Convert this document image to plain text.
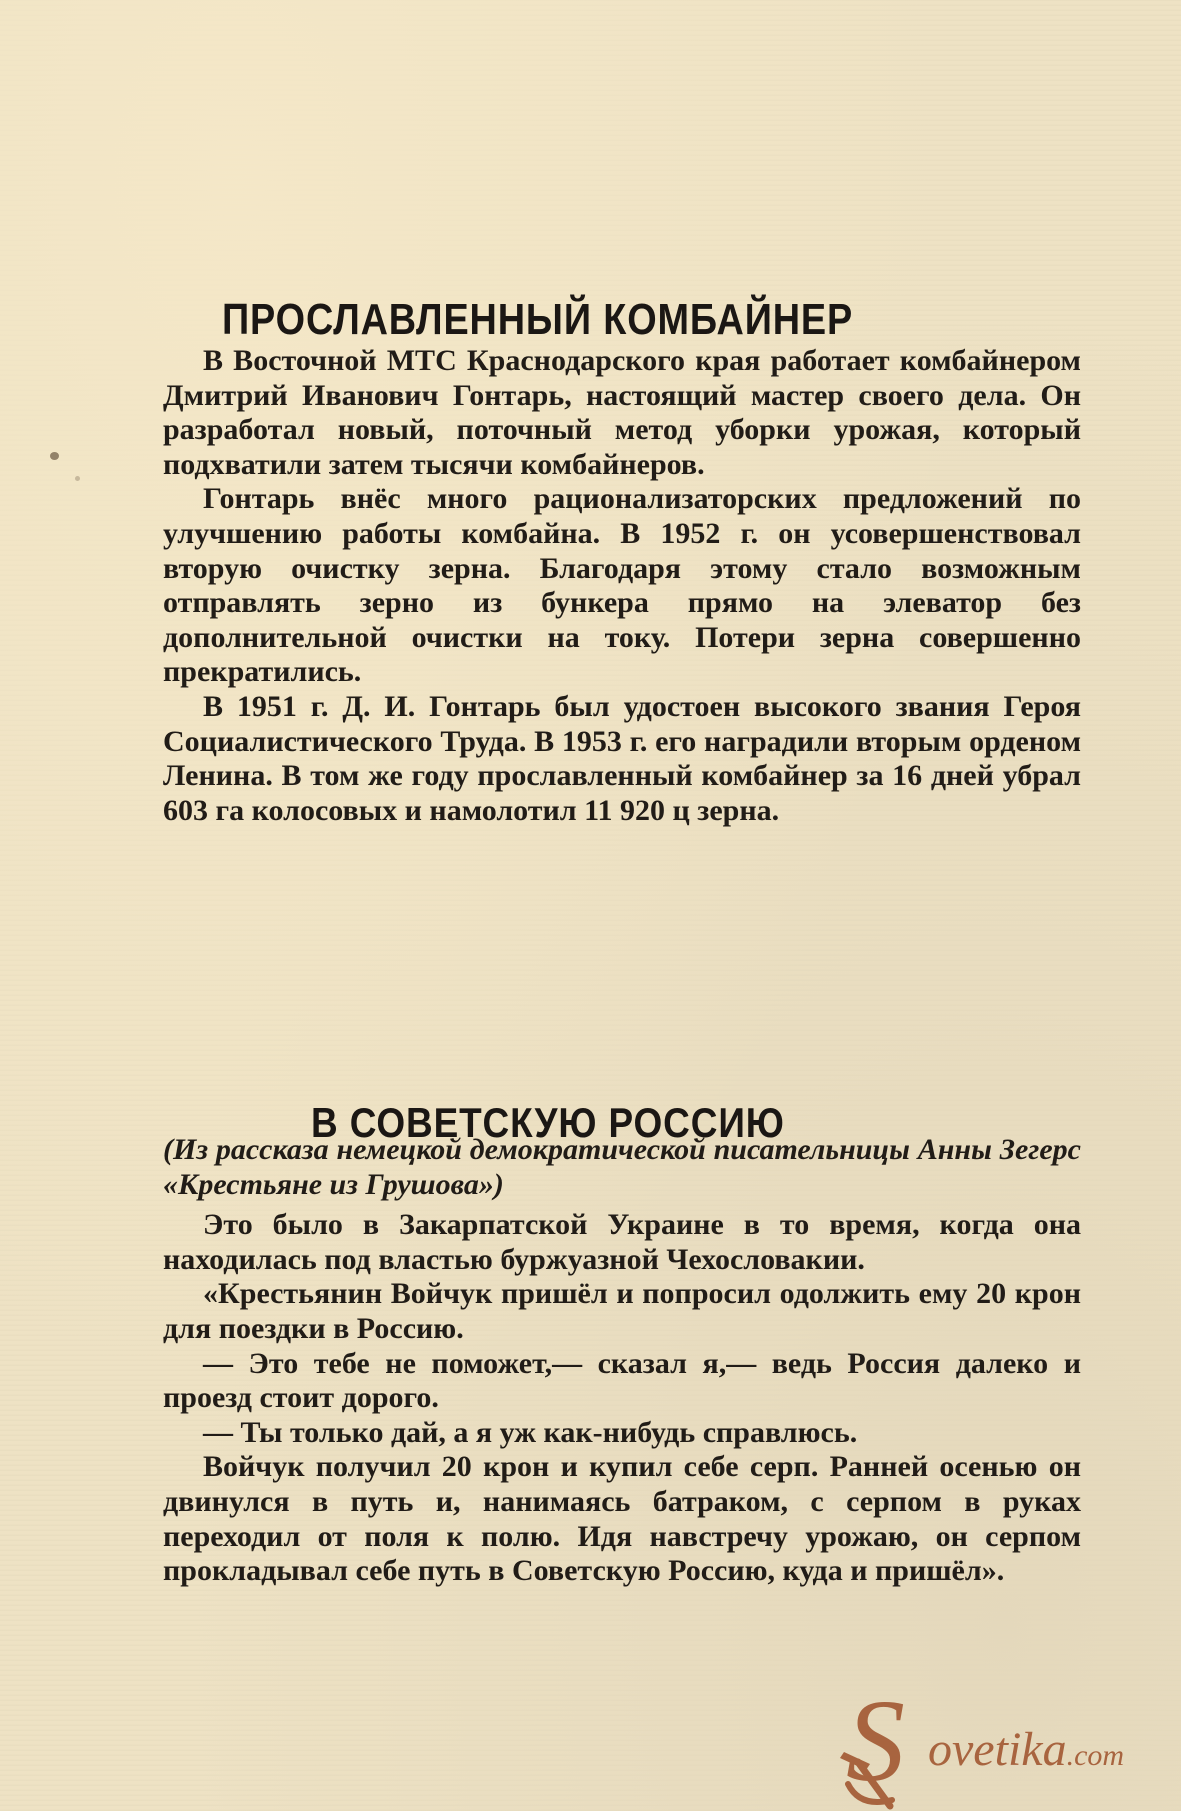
ПРОСЛАВЛЕННЫЙ КОМБАЙНЕР

В Восточной МТС Краснодарского края работает комбайнером Дмитрий Иванович Гонтарь, настоящий мастер своего дела. Он разработал новый, поточный метод уборки урожая, который подхватили затем тысячи комбайнеров.

Гонтарь внёс много рационализаторских предложений по улучшению работы комбайна. В 1952 г. он усовершенствовал вторую очистку зерна. Благодаря этому стало возможным отправлять зерно из бункера прямо на элеватор без дополнительной очистки на току. Потери зерна совершенно прекратились.

В 1951 г. Д. И. Гонтарь был удостоен высокого звания Героя Социалистического Труда. В 1953 г. его наградили вторым орденом Ленина. В том же году прославленный комбайнер за 16 дней убрал 603 га колосовых и намолотил 11 920 ц зерна.

В СОВЕТСКУЮ РОССИЮ

(Из рассказа немецкой демократической писательницы Анны Зегерс «Крестьяне из Грушова»)

Это было в Закарпатской Украине в то время, когда она находилась под властью буржуазной Чехословакии.

«Крестьянин Войчук пришёл и попросил одолжить ему 20 крон для поездки в Россию.

— Это тебе не поможет,— сказал я,— ведь Россия далеко и проезд стоит дорого.

— Ты только дай, а я уж как-нибудь справлюсь.

Войчук получил 20 крон и купил себе серп. Ранней осенью он двинулся в путь и, нанимаясь батраком, с серпом в руках переходил от поля к полю. Идя навстречу урожаю, он серпом прокладывал себе путь в Советскую Россию, куда и пришёл».

S ovetika.com
